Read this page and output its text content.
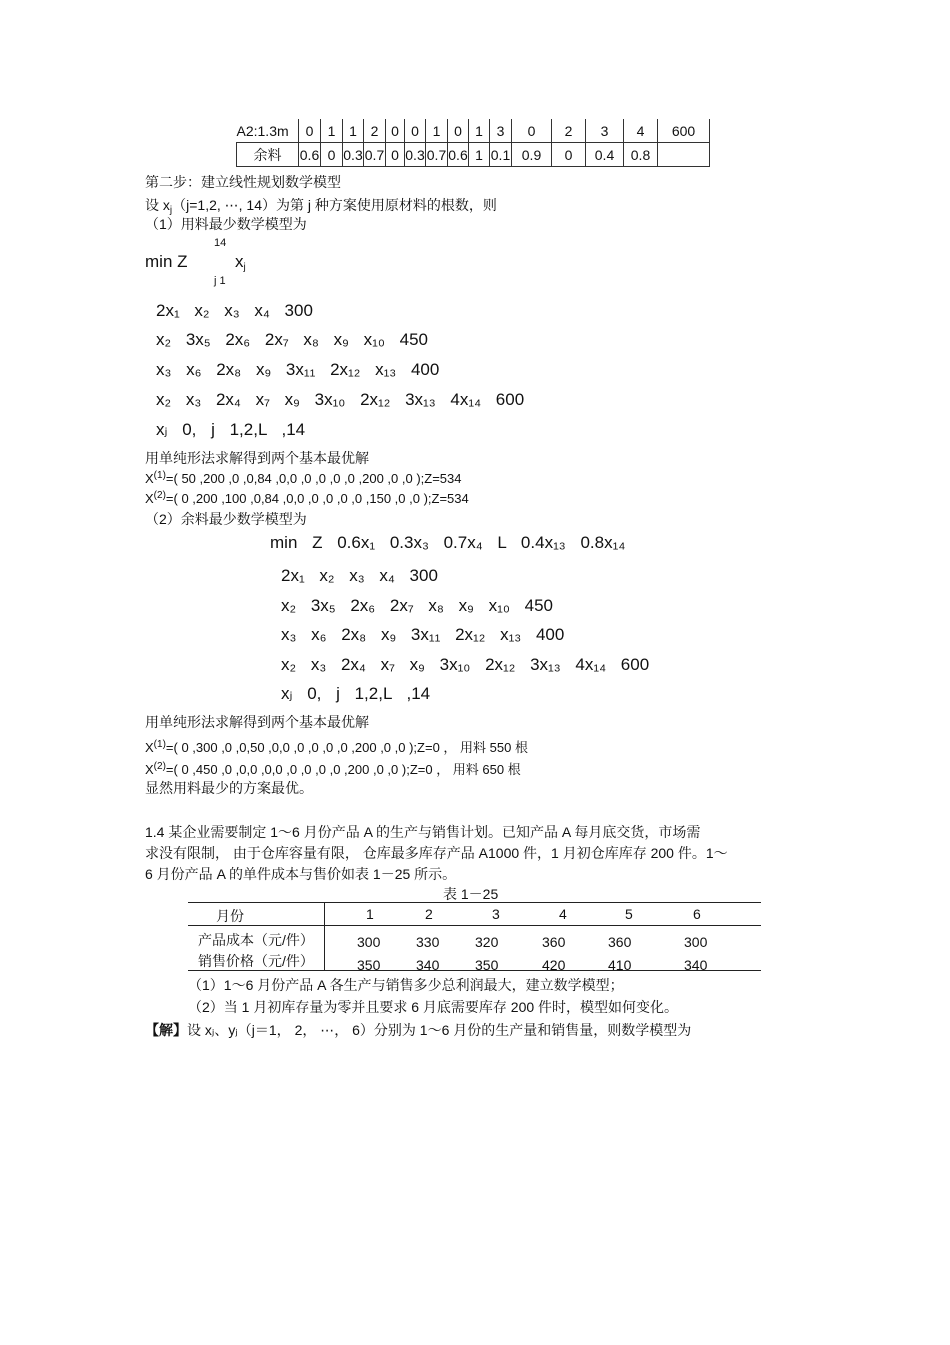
A2:1.3m	0	1	1	2	0	0	1	0	1	3	0	2	3	4	600
余料	0.6	0	0.3	0.7	0	0.3	0.7	0.6	1	0.1	0.9	0	0.4	0.8	
第二步：建立线性规划数学模型
设 $x_j(j=1,2$, ⋯, 14）为第 j 种方案使用原材料的根数，则
（1）用料最少数学模型为
14
min Z	$x_j$
j 1
2x₁ x₂ x₃ x₄ 300
x₂ 3x₅ 2x₆ 2x₇ x₈ x₉ x₁₀ 450
x₃ x₆ 2x₈ x₉ 3x₁₁ 2x₁₂ x₁₃ 400
x₂ x₃ 2x₄ x₇ x₉ 3x₁₀ 2x₁₂ 3x₁₃ 4x₁₄ 600
xⱼ 0, j 1,2,L ,14
用单纯形法求解得到两个基本最优解
$X^{(1)}=$( 50 ,200 ,0 ,0,84 ,0,0 ,0 ,0 ,0 ,0 ,200 ,0 ,0 );Z=534
$X^{(2)}=$( 0 ,200 ,100 ,0,84 ,0,0 ,0 ,0 ,0 ,0 ,150 ,0 ,0 );Z=534
（2）余料最少数学模型为
min Z 0.6x₁ 0.3x₃ 0.7x₄ L 0.4x₁₃ 0.8x₁₄
2x₁ x₂ x₃ x₄ 300
x₂ 3x₅ 2x₆ 2x₇ x₈ x₉ x₁₀ 450
x₃ x₆ 2x₈ x₉ 3x₁₁ 2x₁₂ x₁₃ 400
x₂ x₃ 2x₄ x₇ x₉ 3x₁₀ 2x₁₂ 3x₁₃ 4x₁₄ 600
xⱼ 0, j 1,2,L ,14
用单纯形法求解得到两个基本最优解
$X^{(1)}=$( 0 ,300 ,0 ,0,50 ,0,0 ,0 ,0 ,0 ,0 ,200 ,0 ,0 );Z=0 ， 用料 550 根
$X^{(2)}=$( 0 ,450 ,0 ,0,0 ,0,0 ,0 ,0 ,0 ,0 ,200 ,0 ,0 );Z=0 ， 用料 650 根
显然用料最少的方案最优。
1.4 某企业需要制定 1～6 月份产品 A 的生产与销售计划。已知产品 A 每月底交货，市场需
求没有限制， 由于仓库容量有限， 仓库最多库存产品 A1000 件，1 月初仓库库存 200 件。1～
6 月份产品 A 的单件成本与售价如表 1－25 所示。
表 1－25
月份	1	2	3	4	5	6
产品成本（元/件）	300	330	320	360	360	300
销售价格（元/件）	350	340	350	420	410	340
（1）1～6 月份产品 A 各生产与销售多少总利润最大，建立数学模型；
（2）当 1 月初库存量为零并且要求 6 月底需要库存 200 件时，模型如何变化。
【解】设 xⱼ、yⱼ（j＝1， 2， ⋯， 6）分别为 1～6 月份的生产量和销售量，则数学模型为
